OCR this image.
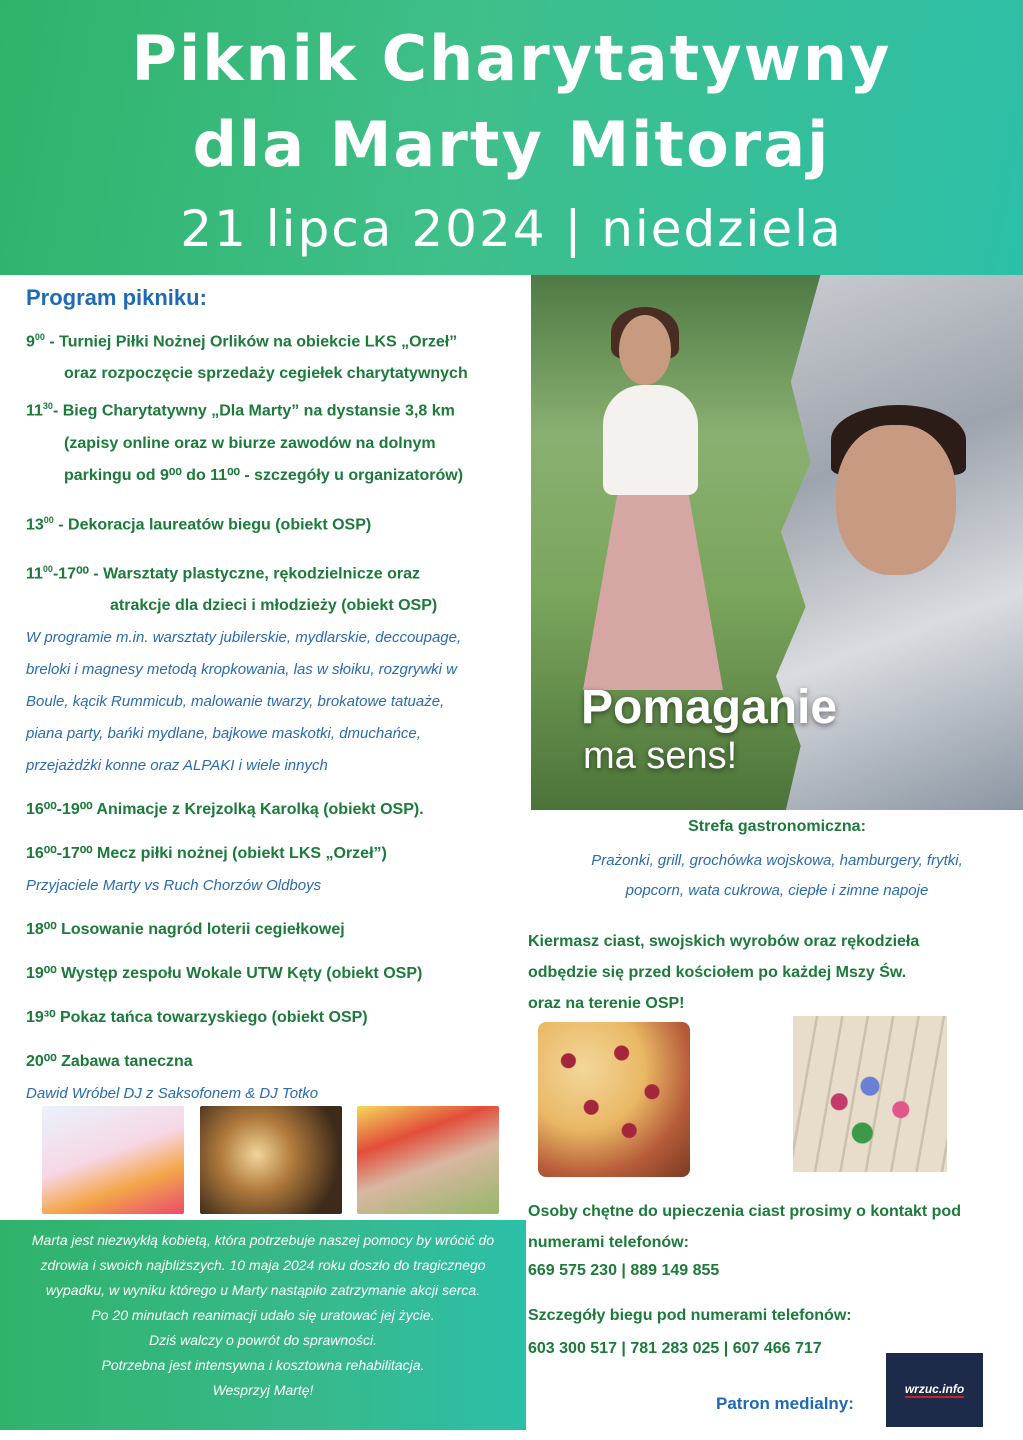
Piknik Charytatywny
dla Marty Mitoraj
21 lipca 2024 | niedziela
Program pikniku:
$9^{00}$ - Turniej Piłki Nożnej Orlików na obiekcie LKS „Orzeł”
oraz rozpoczęcie sprzedaży cegiełek charytatywnych
$11^{30}-$ Bieg Charytatywny „Dla Marty” na dystansie 3,8 km
(zapisy online oraz w biurze zawodów na dolnym
parkingu od 9⁰⁰ do 11⁰⁰ - szczegóły u organizatorów)
$13^{00}$ - Dekoracja laureatów biegu (obiekt OSP)
$11^{00}-17^{00}$ - Warsztaty plastyczne, rękodzielnicze oraz
atrakcje dla dzieci i młodzieży (obiekt OSP)
W programie m.in. warsztaty jubilerskie, mydlarskie, deccoupage,
breloki i magnesy metodą kropkowania, las w słoiku, rozgrywki w
Boule, kącik Rummicub, malowanie twarzy, brokatowe tatuaże,
piana party, bańki mydlane, bajkowe maskotki, dmuchańce,
przejażdżki konne oraz ALPAKI i wiele innych
16⁰⁰-19⁰⁰ Animacje z Krejzolką Karolką (obiekt OSP).
16⁰⁰-17⁰⁰ Mecz piłki nożnej (obiekt LKS „Orzeł”)
Przyjaciele Marty vs Ruch Chorzów Oldboys
18⁰⁰ Losowanie nagród loterii cegiełkowej
19⁰⁰ Występ zespołu Wokale UTW Kęty (obiekt OSP)
19³⁰ Pokaz tańca towarzyskiego (obiekt OSP)
20⁰⁰ Zabawa taneczna
Dawid Wróbel DJ z Saksofonem & DJ Totko
Pomaganie
ma sens!
Strefa gastronomiczna:
Prażonki, grill, grochówka wojskowa, hamburgery, frytki,
popcorn, wata cukrowa, ciepłe i zimne napoje
Kiermasz ciast, swojskich wyrobów oraz rękodzieła
odbędzie się przed kościołem po każdej Mszy Św.
oraz na terenie OSP!
Marta jest niezwykłą kobietą, która potrzebuje naszej pomocy by wrócić do
zdrowia i swoich najbliższych. 10 maja 2024 roku doszło do tragicznego
wypadku, w wyniku którego u Marty nastąpiło zatrzymanie akcji serca.
Po 20 minutach reanimacji udało się uratować jej życie.
Dziś walczy o powrót do sprawności.
Potrzebna jest intensywna i kosztowna rehabilitacja.
Wesprzyj Martę!
Osoby chętne do upieczenia ciast prosimy o kontakt pod
numerami telefonów:
669 575 230 | 889 149 855
Szczegóły biegu pod numerami telefonów:
603 300 517 | 781 283 025 | 607 466 717
Patron medialny:
wrzuc.info
